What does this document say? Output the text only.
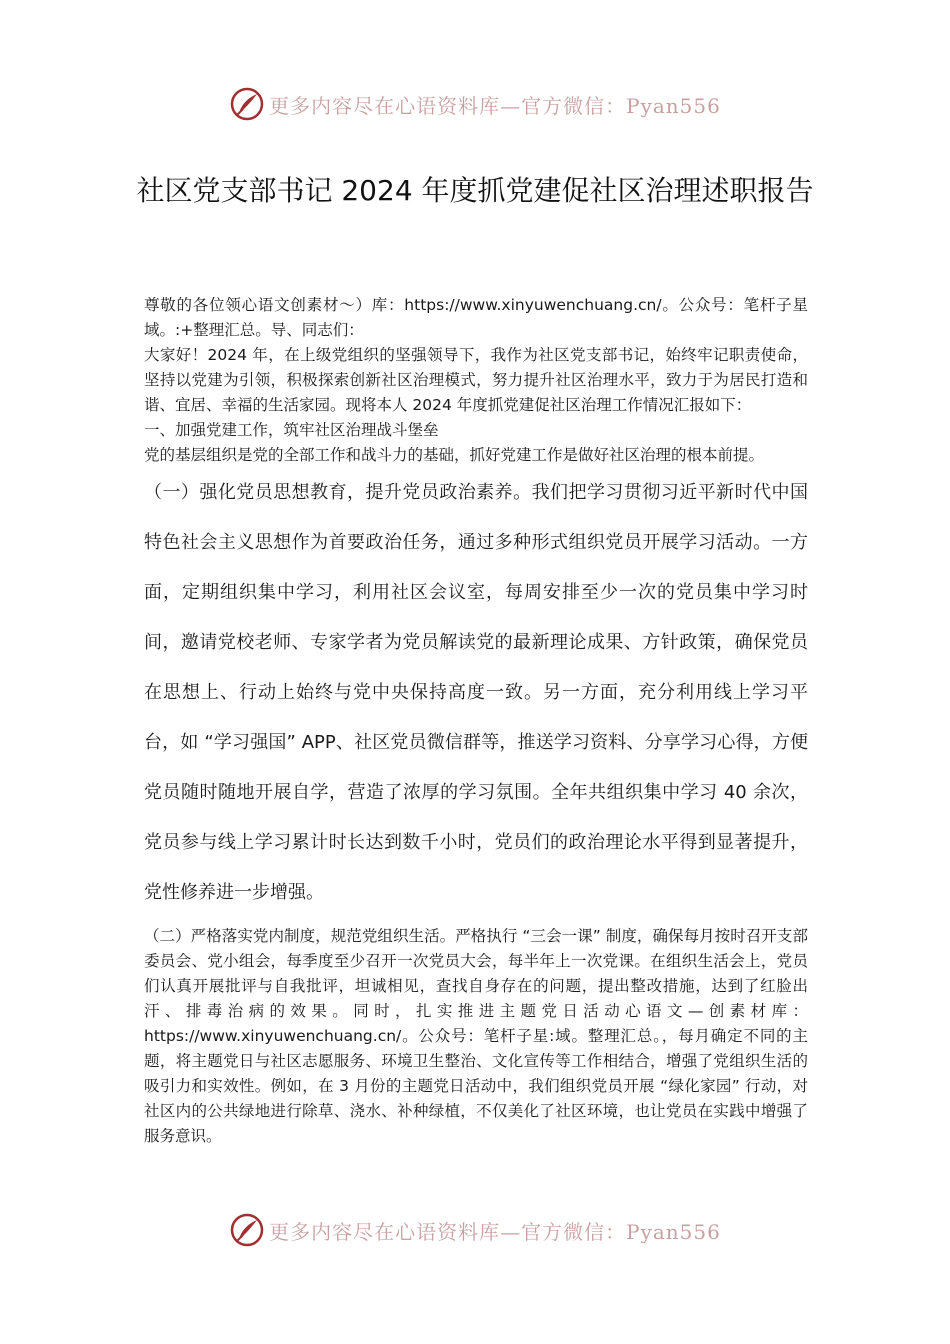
更多内容尽在心语资料库—官方微信：Pyan556
社区党支部书记 2024 年度抓党建促社区治理述职报告

尊敬的各位领心语文创素材～）库：https://www.xinyuwenchuang.cn/。公众号：笔杆子星域。:+整理汇总。导、同志们：

大家好！2024 年，在上级党组织的坚强领导下，我作为社区党支部书记，始终牢记职责使命，坚持以党建为引领，积极探索创新社区治理模式，努力提升社区治理水平，致力于为居民打造和谐、宜居、幸福的生活家园。现将本人 2024 年度抓党建促社区治理工作情况汇报如下：

一、加强党建工作，筑牢社区治理战斗堡垒

党的基层组织是党的全部工作和战斗力的基础，抓好党建工作是做好社区治理的根本前提。

（一）强化党员思想教育，提升党员政治素养。我们把学习贯彻习近平新时代中国特色社会主义思想作为首要政治任务，通过多种形式组织党员开展学习活动。一方面，定期组织集中学习，利用社区会议室，每周安排至少一次的党员集中学习时间，邀请党校老师、专家学者为党员解读党的最新理论成果、方针政策，确保党员在思想上、行动上始终与党中央保持高度一致。另一方面，充分利用线上学习平台，如 “学习强国” APP、社区党员微信群等，推送学习资料、分享学习心得，方便党员随时随地开展自学，营造了浓厚的学习氛围。全年共组织集中学习 40 余次，党员参与线上学习累计时长达到数千小时，党员们的政治理论水平得到显著提升，党性修养进一步增强。

（二）严格落实党内制度，规范党组织生活。严格执行 “三会一课” 制度，确保每月按时召开支部委员会、党小组会，每季度至少召开一次党员大会，每半年上一次党课。在组织生活会上，党员们认真开展批评与自我批评，坦诚相见，查找自身存在的问题，提出整改措施，达到了红脸出汗、排毒治病的效果。同时，扎实推进主题党日活动心语文—创素材库：https://www.xinyuwenchuang.cn/。公众号：笔杆子星:域。整理汇总。，每月确定不同的主题，将主题党日与社区志愿服务、环境卫生整治、文化宣传等工作相结合，增强了党组织生活的吸引力和实效性。例如，在 3 月份的主题党日活动中，我们组织党员开展 “绿化家园” 行动，对社区内的公共绿地进行除草、浇水、补种绿植，不仅美化了社区环境，也让党员在实践中增强了服务意识。

更多内容尽在心语资料库—官方微信：Pyan556
